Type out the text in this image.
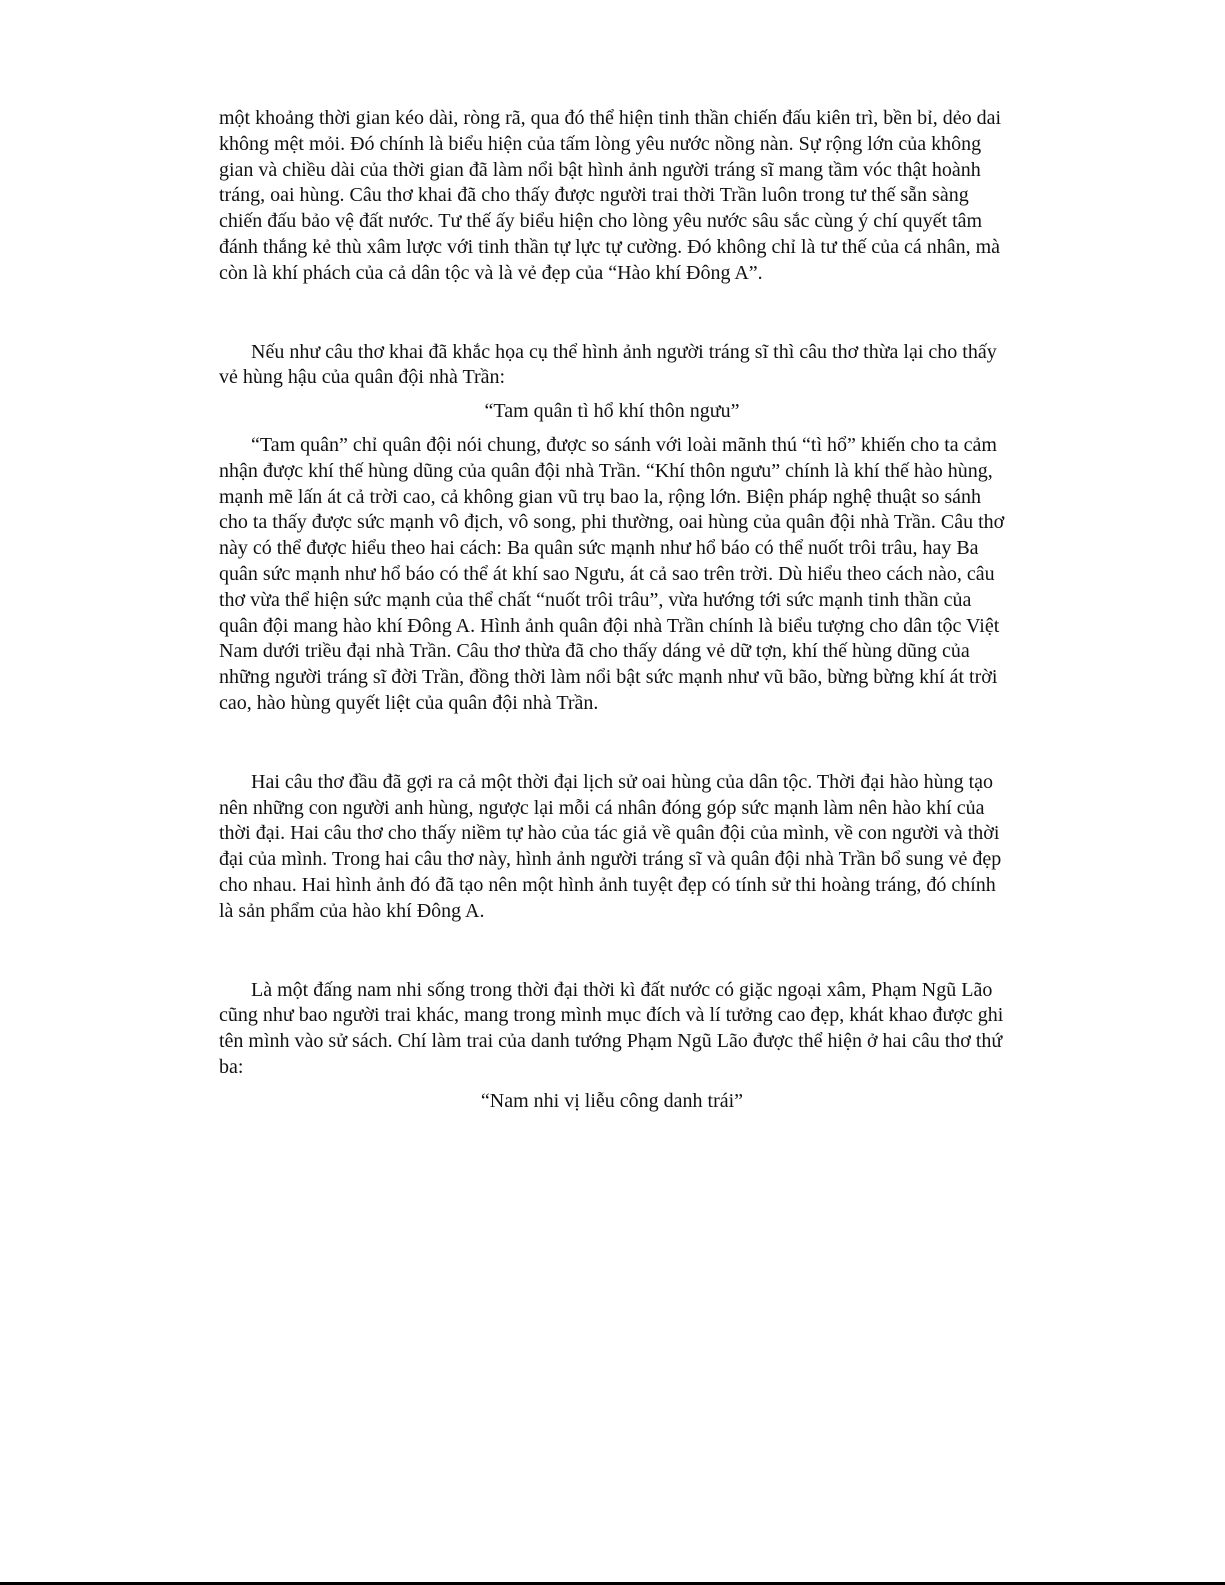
một khoảng thời gian kéo dài, ròng rã, qua đó thể hiện tinh thần chiến đấu kiên trì, bền bỉ, dẻo dai không mệt mỏi. Đó chính là biểu hiện của tấm lòng yêu nước nồng nàn. Sự rộng lớn của không gian và chiều dài của thời gian đã làm nổi bật hình ảnh người tráng sĩ mang tầm vóc thật hoành tráng, oai hùng. Câu thơ khai đã cho thấy được người trai thời Trần luôn trong tư thế sẵn sàng chiến đấu bảo vệ đất nước. Tư thế ấy biểu hiện cho lòng yêu nước sâu sắc cùng ý chí quyết tâm đánh thắng kẻ thù xâm lược với tinh thần tự lực tự cường. Đó không chỉ là tư thế của cá nhân, mà còn là khí phách của cả dân tộc và là vẻ đẹp của “Hào khí Đông A”.

Nếu như câu thơ khai đã khắc họa cụ thể hình ảnh người tráng sĩ thì câu thơ thừa lại cho thấy vẻ hùng hậu của quân đội nhà Trần:

“Tam quân tì hổ khí thôn ngưu”

“Tam quân” chỉ quân đội nói chung, được so sánh với loài mãnh thú “tì hổ” khiến cho ta cảm nhận được khí thế hùng dũng của quân đội nhà Trần. “Khí thôn ngưu” chính là khí thế hào hùng, mạnh mẽ lấn át cả trời cao, cả không gian vũ trụ bao la, rộng lớn. Biện pháp nghệ thuật so sánh cho ta thấy được sức mạnh vô địch, vô song, phi thường, oai hùng của quân đội nhà Trần. Câu thơ này có thể được hiểu theo hai cách: Ba quân sức mạnh như hổ báo có thể nuốt trôi trâu, hay Ba quân sức mạnh như hổ báo có thể át khí sao Ngưu, át cả sao trên trời. Dù hiểu theo cách nào, câu thơ vừa thể hiện sức mạnh của thể chất “nuốt trôi trâu”, vừa hướng tới sức mạnh tinh thần của quân đội mang hào khí Đông A. Hình ảnh quân đội nhà Trần chính là biểu tượng cho dân tộc Việt Nam dưới triều đại nhà Trần. Câu thơ thừa đã cho thấy dáng vẻ dữ tợn, khí thế hùng dũng của những người tráng sĩ đời Trần, đồng thời làm nổi bật sức mạnh như vũ bão, bừng bừng khí át trời cao, hào hùng quyết liệt của quân đội nhà Trần.

Hai câu thơ đầu đã gợi ra cả một thời đại lịch sử oai hùng của dân tộc. Thời đại hào hùng tạo nên những con người anh hùng, ngược lại mỗi cá nhân đóng góp sức mạnh làm nên hào khí của thời đại. Hai câu thơ cho thấy niềm tự hào của tác giả về quân đội của mình, về con người và thời đại của mình. Trong hai câu thơ này, hình ảnh người tráng sĩ và quân đội nhà Trần bổ sung vẻ đẹp cho nhau. Hai hình ảnh đó đã tạo nên một hình ảnh tuyệt đẹp có tính sử thi hoàng tráng, đó chính là sản phẩm của hào khí Đông A.

Là một đấng nam nhi sống trong thời đại thời kì đất nước có giặc ngoại xâm, Phạm Ngũ Lão cũng như bao người trai khác, mang trong mình mục đích và lí tưởng cao đẹp, khát khao được ghi tên mình vào sử sách. Chí làm trai của danh tướng Phạm Ngũ Lão được thể hiện ở hai câu thơ thứ ba:

“Nam nhi vị liễu công danh trái”
